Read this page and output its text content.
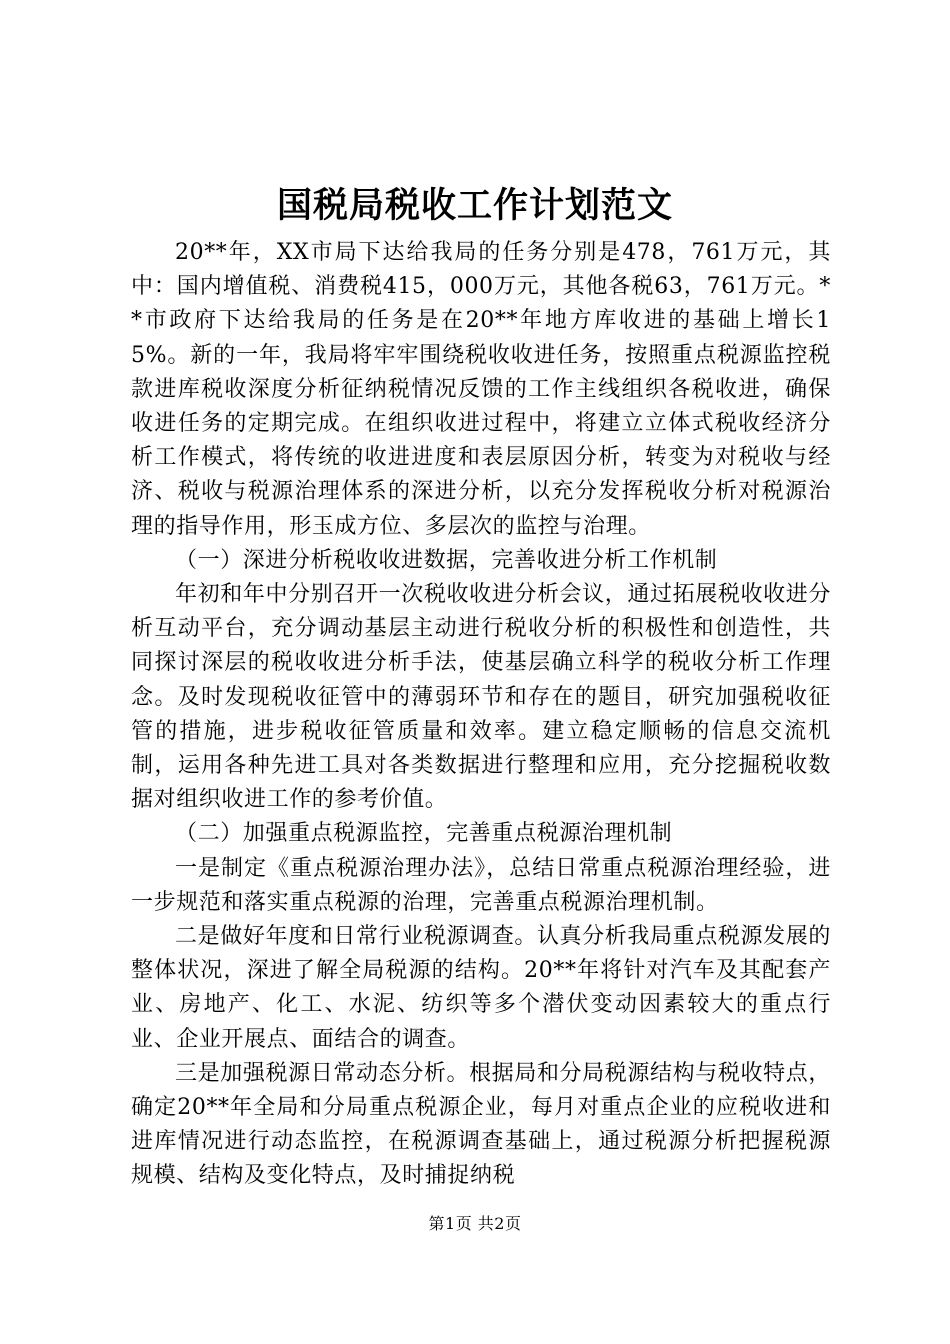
国税局税收工作计划范文

20**年，XX市局下达给我局的任务分别是478，761万元，其中：国内增值税、消费税415，000万元，其他各税63，761万元。**市政府下达给我局的任务是在20**年地方库收进的基础上增长15%。新的一年，我局将牢牢围绕税收收进任务，按照重点税源监控税款进库税收深度分析征纳税情况反馈的工作主线组织各税收进，确保收进任务的定期完成。在组织收进过程中，将建立立体式税收经济分析工作模式，将传统的收进进度和表层原因分析，转变为对税收与经济、税收与税源治理体系的深进分析，以充分发挥税收分析对税源治理的指导作用，形玉成方位、多层次的监控与治理。

（一）深进分析税收收进数据，完善收进分析工作机制

年初和年中分别召开一次税收收进分析会议，通过拓展税收收进分析互动平台，充分调动基层主动进行税收分析的积极性和创造性，共同探讨深层的税收收进分析手法，使基层确立科学的税收分析工作理念。及时发现税收征管中的薄弱环节和存在的题目，研究加强税收征管的措施，进步税收征管质量和效率。建立稳定顺畅的信息交流机制，运用各种先进工具对各类数据进行整理和应用，充分挖掘税收数据对组织收进工作的参考价值。

（二）加强重点税源监控，完善重点税源治理机制

一是制定《重点税源治理办法》，总结日常重点税源治理经验，进一步规范和落实重点税源的治理，完善重点税源治理机制。

二是做好年度和日常行业税源调查。认真分析我局重点税源发展的整体状况，深进了解全局税源的结构。20**年将针对汽车及其配套产业、房地产、化工、水泥、纺织等多个潜伏变动因素较大的重点行业、企业开展点、面结合的调查。

三是加强税源日常动态分析。根据局和分局税源结构与税收特点，确定20**年全局和分局重点税源企业，每月对重点企业的应税收进和进库情况进行动态监控，在税源调查基础上，通过税源分析把握税源规模、结构及变化特点，及时捕捉纳税

第1页 共2页
